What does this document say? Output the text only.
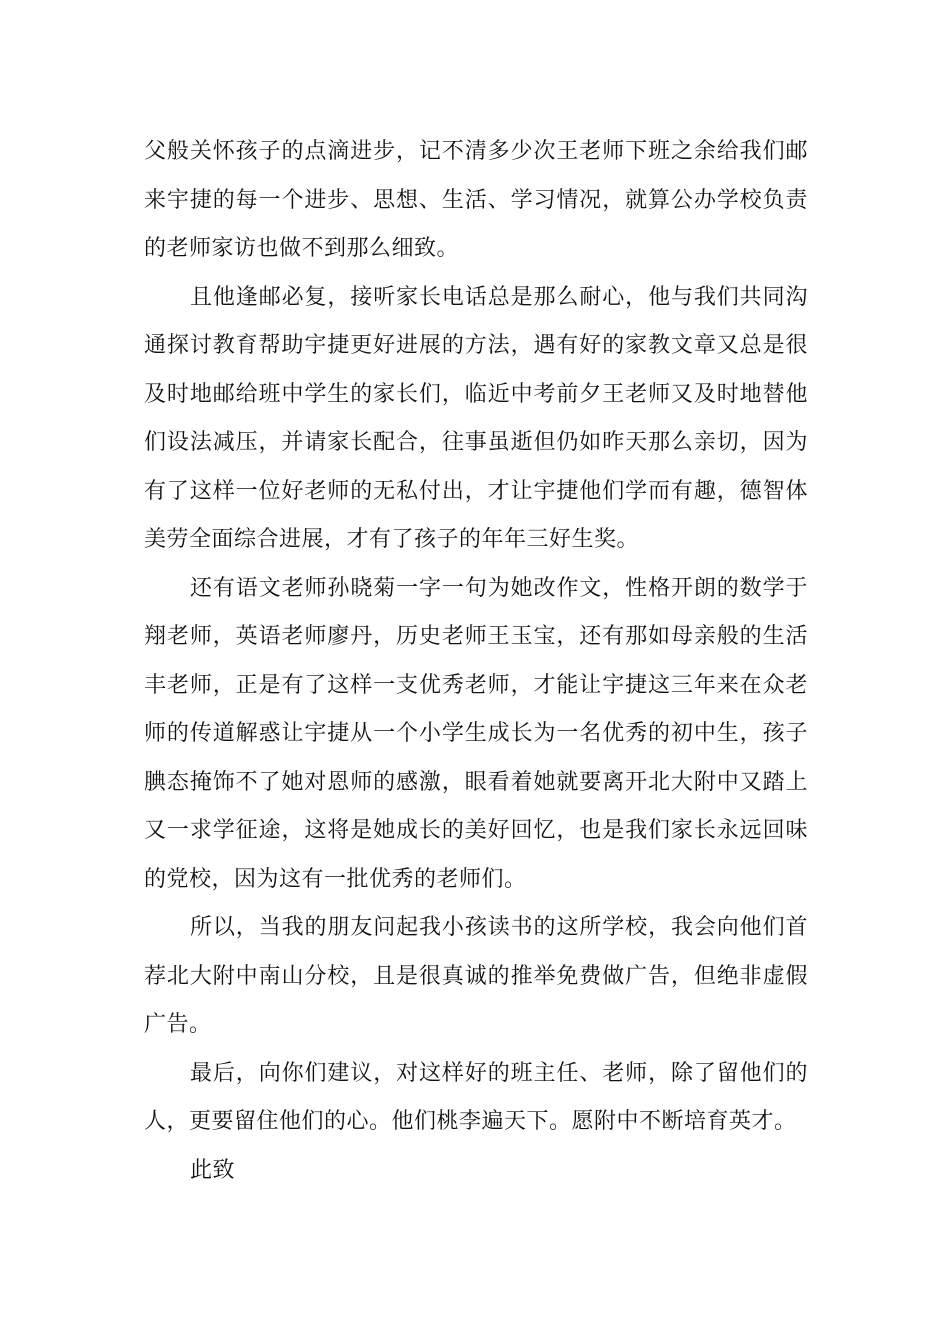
父般关怀孩子的点滴进步，记不清多少次王老师下班之余给我们邮来宇捷的每一个进步、思想、生活、学习情况，就算公办学校负责的老师家访也做不到那么细致。

且他逢邮必复，接听家长电话总是那么耐心，他与我们共同沟通探讨教育帮助宇捷更好进展的方法，遇有好的家教文章又总是很及时地邮给班中学生的家长们，临近中考前夕王老师又及时地替他们设法减压，并请家长配合，往事虽逝但仍如昨天那么亲切，因为有了这样一位好老师的无私付出，才让宇捷他们学而有趣，德智体美劳全面综合进展，才有了孩子的年年三好生奖。

还有语文老师孙晓菊一字一句为她改作文，性格开朗的数学于翔老师，英语老师廖丹，历史老师王玉宝，还有那如母亲般的生活丰老师，正是有了这样一支优秀老师，才能让宇捷这三年来在众老师的传道解惑让宇捷从一个小学生成长为一名优秀的初中生，孩子腆态掩饰不了她对恩师的感激，眼看着她就要离开北大附中又踏上又一求学征途，这将是她成长的美好回忆，也是我们家长永远回味的党校，因为这有一批优秀的老师们。

所以，当我的朋友问起我小孩读书的这所学校，我会向他们首荐北大附中南山分校，且是很真诚的推举免费做广告，但绝非虚假广告。

最后，向你们建议，对这样好的班主任、老师，除了留他们的人，更要留住他们的心。他们桃李遍天下。愿附中不断培育英才。

此致
